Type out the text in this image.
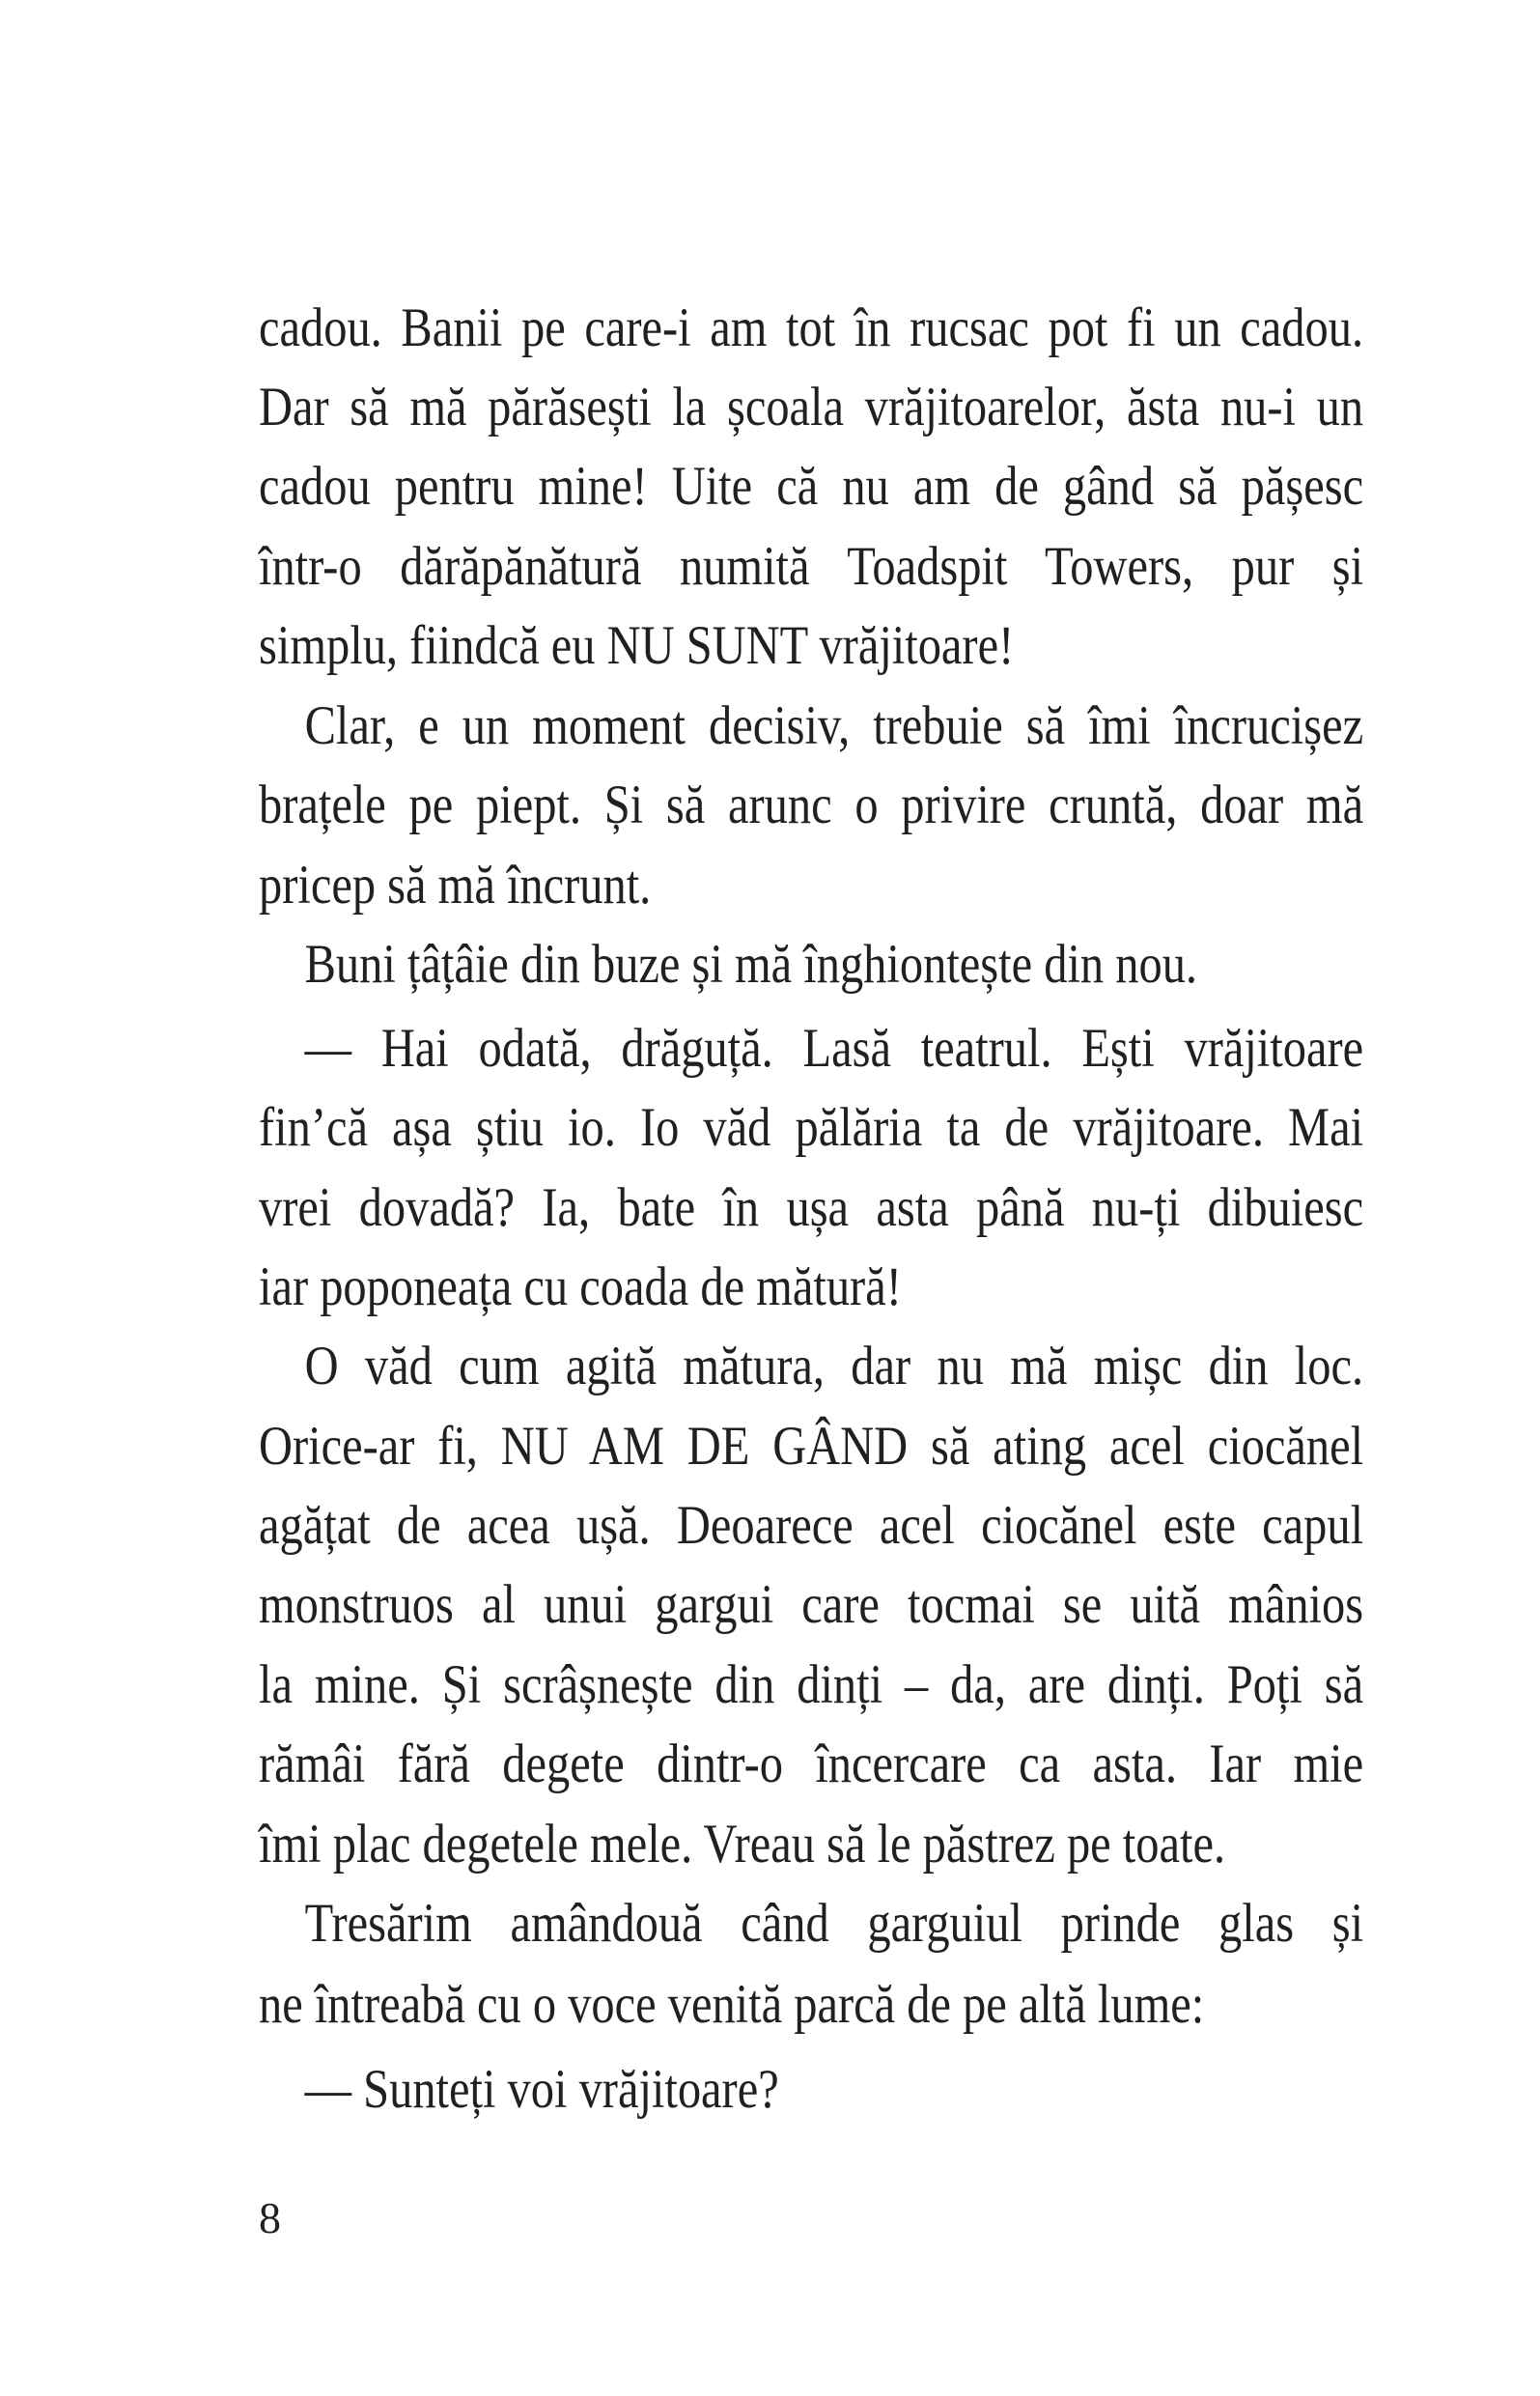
cadou. Banii pe care-i am tot în rucsac pot fi un cadou.
Dar să mă părăsești la școala vrăjitoarelor, ăsta nu-i un
cadou pentru mine! Uite că nu am de gând să pășesc
într-o dărăpănătură numită Toadspit Towers, pur și
simplu, fiindcă eu NU SUNT vrăjitoare!
Clar, e un moment decisiv, trebuie să îmi încrucișez
brațele pe piept. Și să arunc o privire cruntă, doar mă
pricep să mă încrunt.
Buni țâțâie din buze și mă înghiontește din nou.
— Hai odată, drăguță. Lasă teatrul. Ești vrăjitoare
fin’că așa știu io. Io văd pălăria ta de vrăjitoare. Mai
vrei dovadă? Ia, bate în ușa asta până nu-ți dibuiesc
iar poponeața cu coada de mătură!
O văd cum agită mătura, dar nu mă mișc din loc.
Orice-ar fi, NU AM DE GÂND să ating acel ciocănel
agățat de acea ușă. Deoarece acel ciocănel este capul
monstruos al unui gargui care tocmai se uită mânios
la mine. Și scrâșnește din dinți – da, are dinți. Poți să
rămâi fără degete dintr-o încercare ca asta. Iar mie
îmi plac degetele mele. Vreau să le păstrez pe toate.
Tresărim amândouă când garguiul prinde glas și
ne întreabă cu o voce venită parcă de pe altă lume:
— Sunteți voi vrăjitoare?
8
